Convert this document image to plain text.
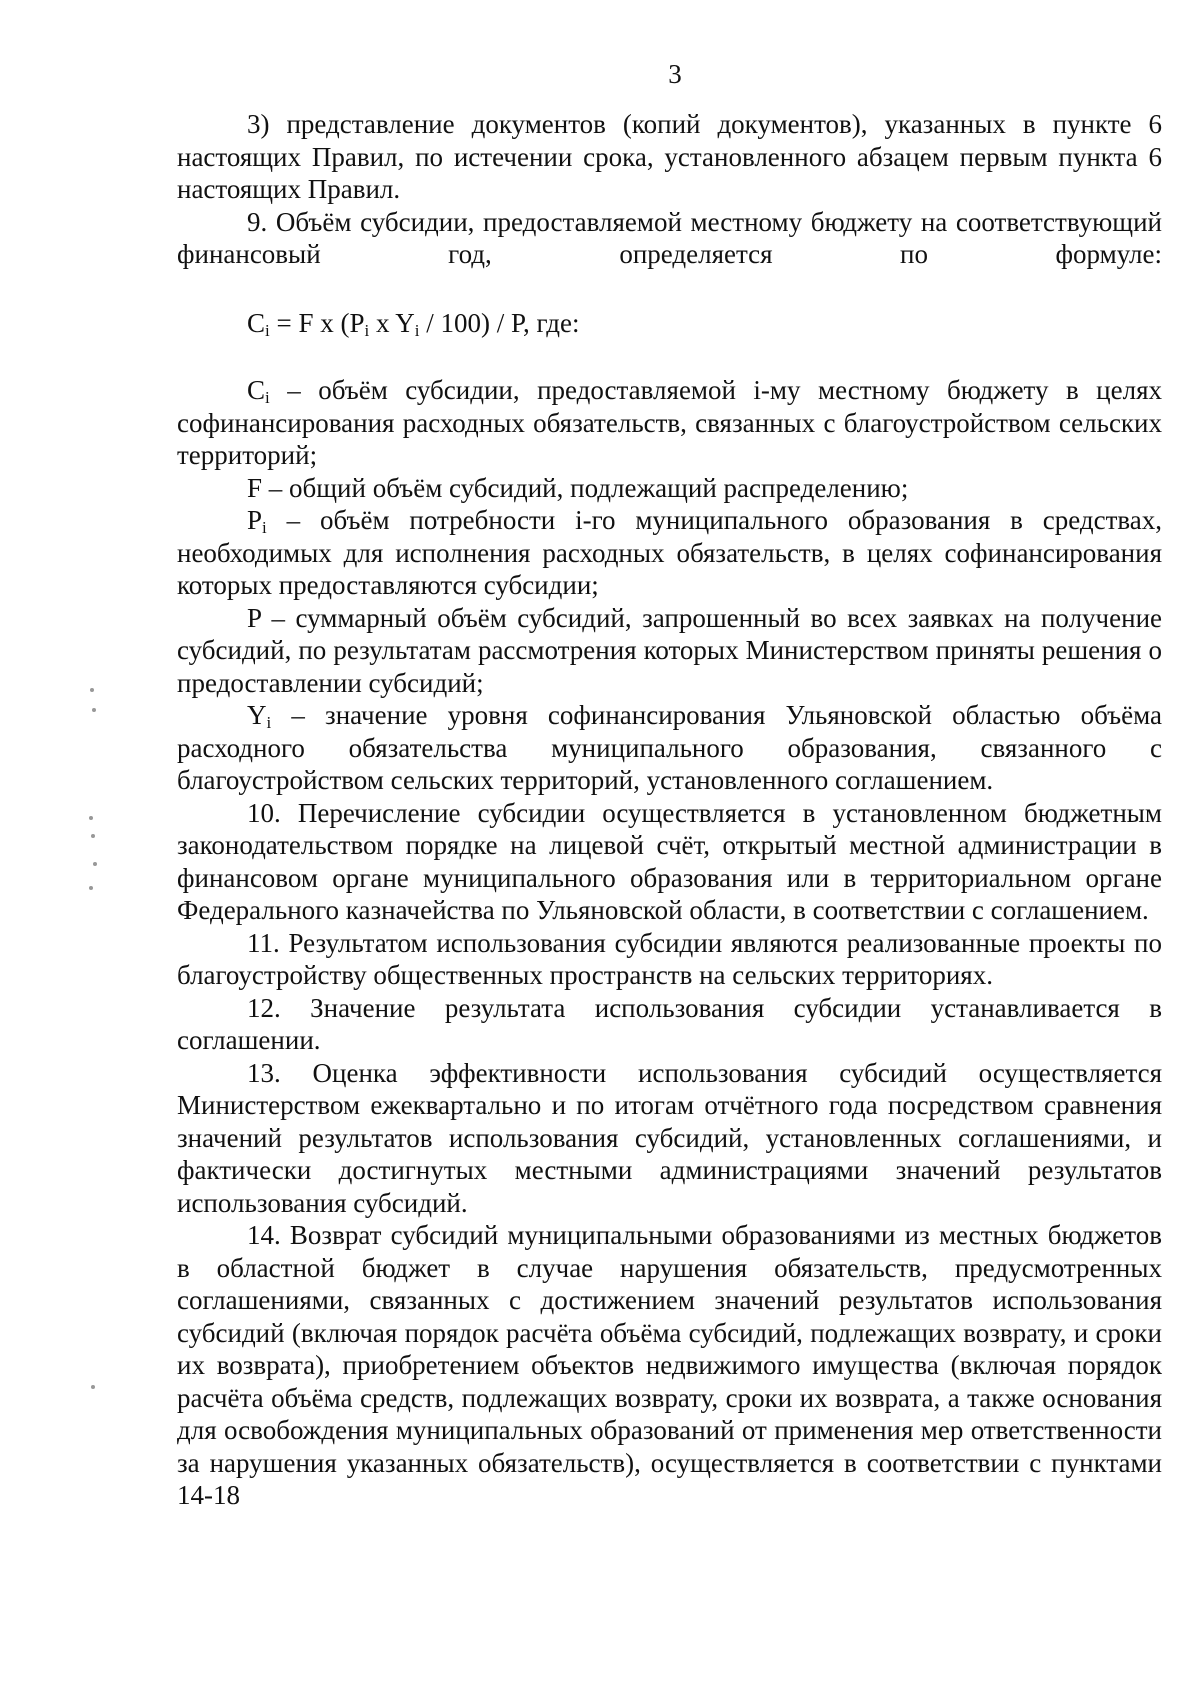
3

3) представление документов (копий документов), указанных в пункте 6 настоящих Правил, по истечении срока, установленного абзацем первым пункта 6 настоящих Правил.

9. Объём субсидии, предоставляемой местному бюджету на соответствующий финансовый год, определяется по формуле:

$C_i = F$ x ($P_i$ x $Y_i / 100$) / P, где:

$C_i$ – объём субсидии, предоставляемой i-му местному бюджету в целях софинансирования расходных обязательств, связанных с благоустройством сельских территорий;

F – общий объём субсидий, подлежащий распределению;

$P_i$ – объём потребности i-го муниципального образования в средствах, необходимых для исполнения расходных обязательств, в целях софинансирования которых предоставляются субсидии;

P – суммарный объём субсидий, запрошенный во всех заявках на получение субсидий, по результатам рассмотрения которых Министерством приняты решения о предоставлении субсидий;

$Y_i$ – значение уровня софинансирования Ульяновской областью объёма расходного обязательства муниципального образования, связанного с благоустройством сельских территорий, установленного соглашением.

10. Перечисление субсидии осуществляется в установленном бюджетным законодательством порядке на лицевой счёт, открытый местной администрации в финансовом органе муниципального образования или в территориальном органе Федерального казначейства по Ульяновской области, в соответствии с соглашением.

11. Результатом использования субсидии являются реализованные проекты по благоустройству общественных пространств на сельских территориях.

12. Значение результата использования субсидии устанавливается в соглашении.

13. Оценка эффективности использования субсидий осуществляется Министерством ежеквартально и по итогам отчётного года посредством сравнения значений результатов использования субсидий, установленных соглашениями, и фактически достигнутых местными администрациями значений результатов использования субсидий.

14. Возврат субсидий муниципальными образованиями из местных бюджетов в областной бюджет в случае нарушения обязательств, предусмотренных соглашениями, связанных с достижением значений результатов использования субсидий (включая порядок расчёта объёма субсидий, подлежащих возврату, и сроки их возврата), приобретением объектов недвижимого имущества (включая порядок расчёта объёма средств, подлежащих возврату, сроки их возврата, а также основания для освобождения муниципальных образований от применения мер ответственности за нарушения указанных обязательств), осуществляется в соответствии с пунктами 14-18
